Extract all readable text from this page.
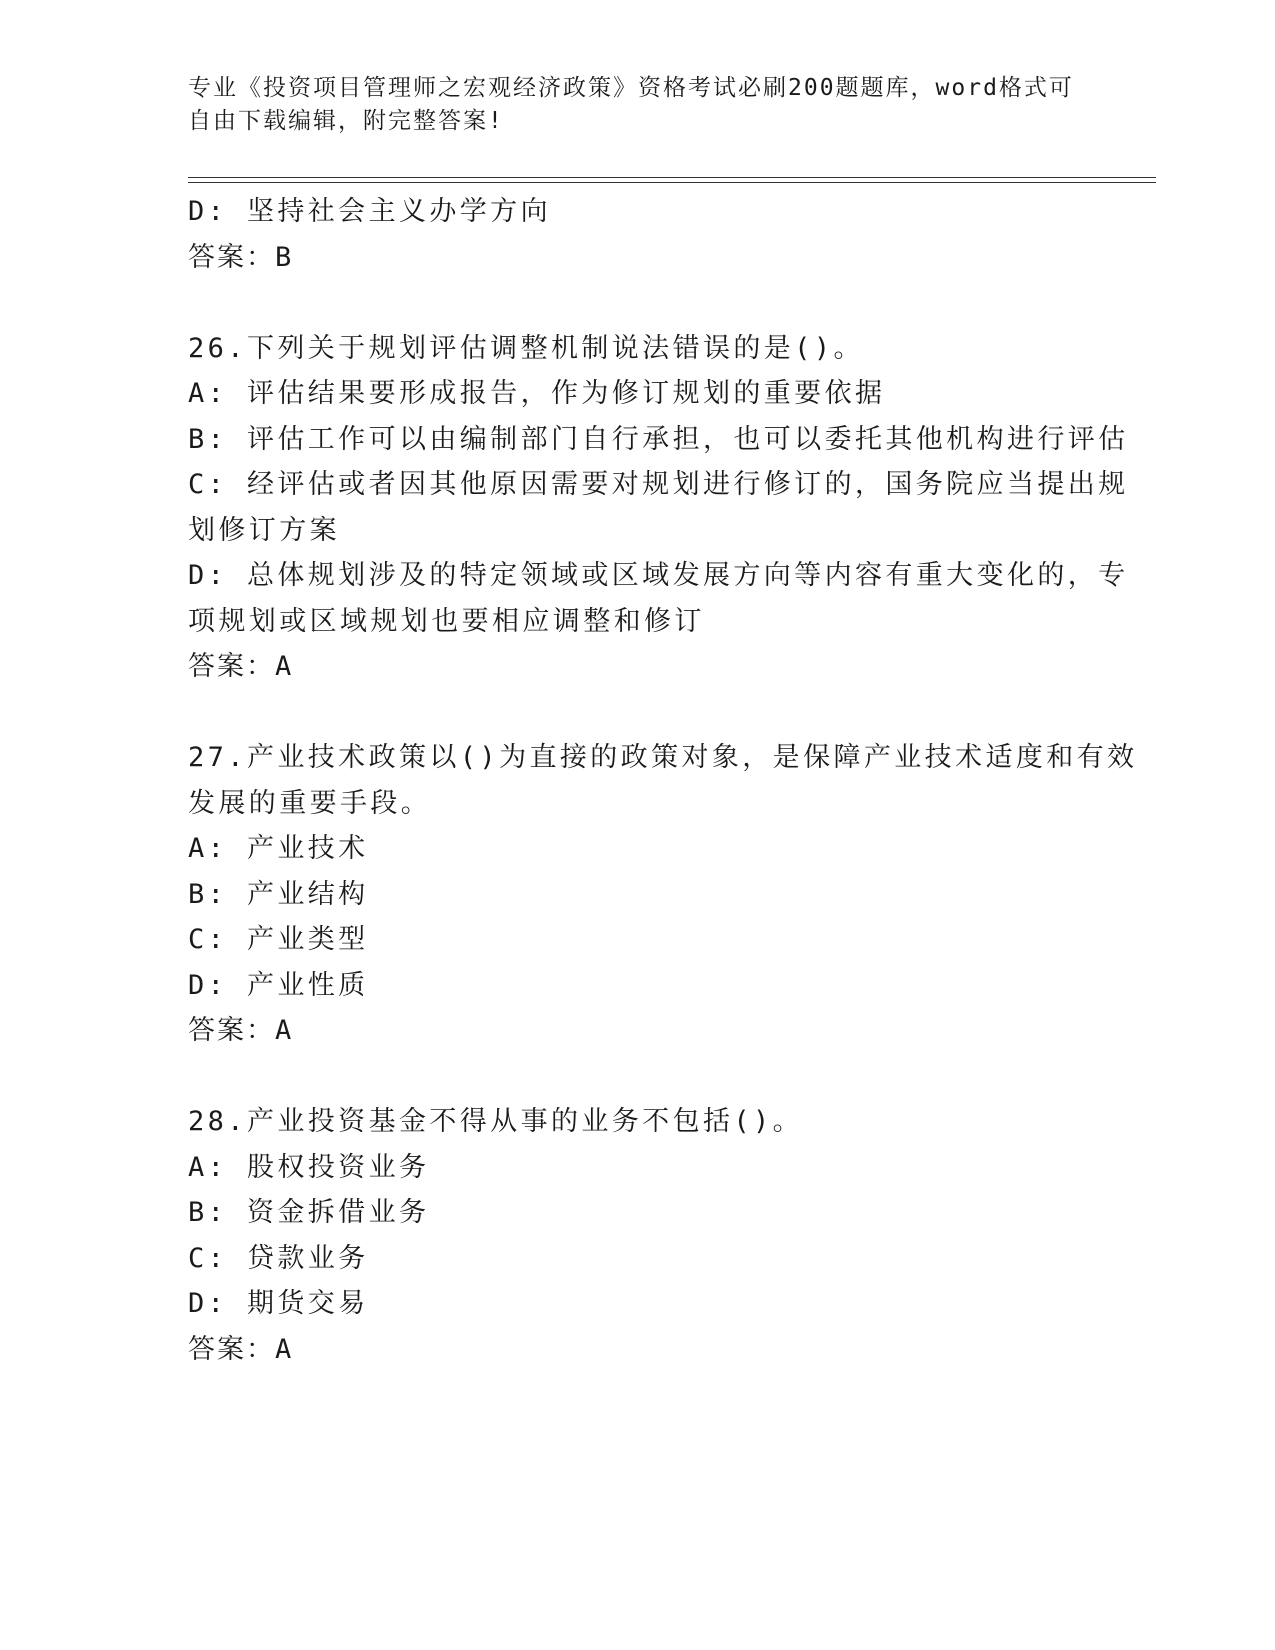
专业《投资项目管理师之宏观经济政策》资格考试必刷200题题库，word格式可
自由下载编辑，附完整答案!
D: 坚持社会主义办学方向
答案：B
26.下列关于规划评估调整机制说法错误的是()。
A: 评估结果要形成报告，作为修订规划的重要依据
B: 评估工作可以由编制部门自行承担，也可以委托其他机构进行评估
C: 经评估或者因其他原因需要对规划进行修订的，国务院应当提出规
划修订方案
D: 总体规划涉及的特定领域或区域发展方向等内容有重大变化的，专
项规划或区域规划也要相应调整和修订
答案：A
27.产业技术政策以()为直接的政策对象，是保障产业技术适度和有效
发展的重要手段。
A: 产业技术
B: 产业结构
C: 产业类型
D: 产业性质
答案：A
28.产业投资基金不得从事的业务不包括()。
A: 股权投资业务
B: 资金拆借业务
C: 贷款业务
D: 期货交易
答案：A
